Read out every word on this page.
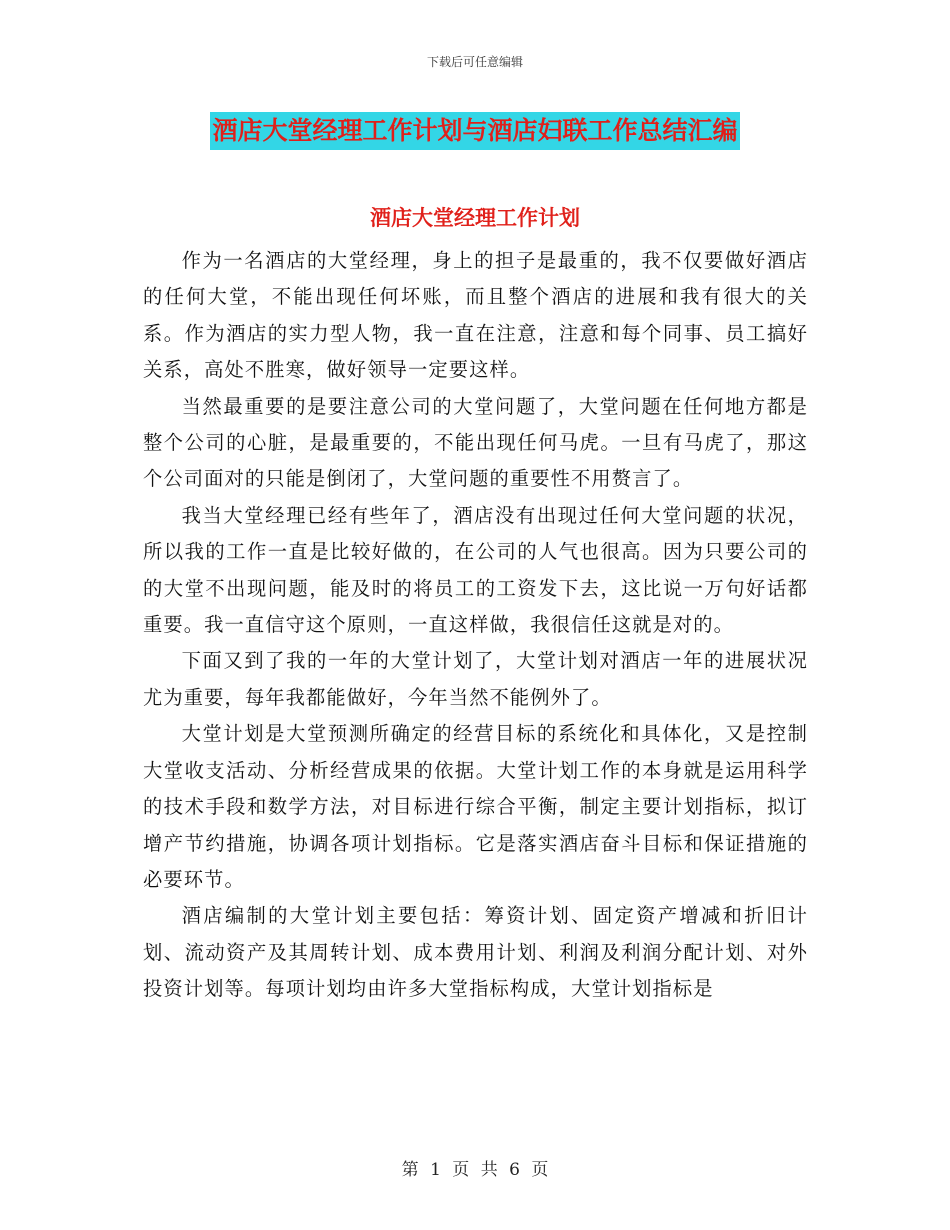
下载后可任意编辑
酒店大堂经理工作计划与酒店妇联工作总结汇编
酒店大堂经理工作计划

作为一名酒店的大堂经理，身上的担子是最重的，我不仅要做好酒店的任何大堂，不能出现任何坏账，而且整个酒店的进展和我有很大的关系。作为酒店的实力型人物，我一直在注意，注意和每个同事、员工搞好关系，高处不胜寒，做好领导一定要这样。

当然最重要的是要注意公司的大堂问题了，大堂问题在任何地方都是整个公司的心脏，是最重要的，不能出现任何马虎。一旦有马虎了，那这个公司面对的只能是倒闭了，大堂问题的重要性不用赘言了。

我当大堂经理已经有些年了，酒店没有出现过任何大堂问题的状况，所以我的工作一直是比较好做的，在公司的人气也很高。因为只要公司的的大堂不出现问题，能及时的将员工的工资发下去，这比说一万句好话都重要。我一直信守这个原则，一直这样做，我很信任这就是对的。

下面又到了我的一年的大堂计划了，大堂计划对酒店一年的进展状况尤为重要，每年我都能做好，今年当然不能例外了。

大堂计划是大堂预测所确定的经营目标的系统化和具体化，又是控制大堂收支活动、分析经营成果的依据。大堂计划工作的本身就是运用科学的技术手段和数学方法，对目标进行综合平衡，制定主要计划指标，拟订增产节约措施，协调各项计划指标。它是落实酒店奋斗目标和保证措施的必要环节。

酒店编制的大堂计划主要包括：筹资计划、固定资产增减和折旧计划、流动资产及其周转计划、成本费用计划、利润及利润分配计划、对外投资计划等。每项计划均由许多大堂指标构成，大堂计划指标是

第 1 页 共 6 页
